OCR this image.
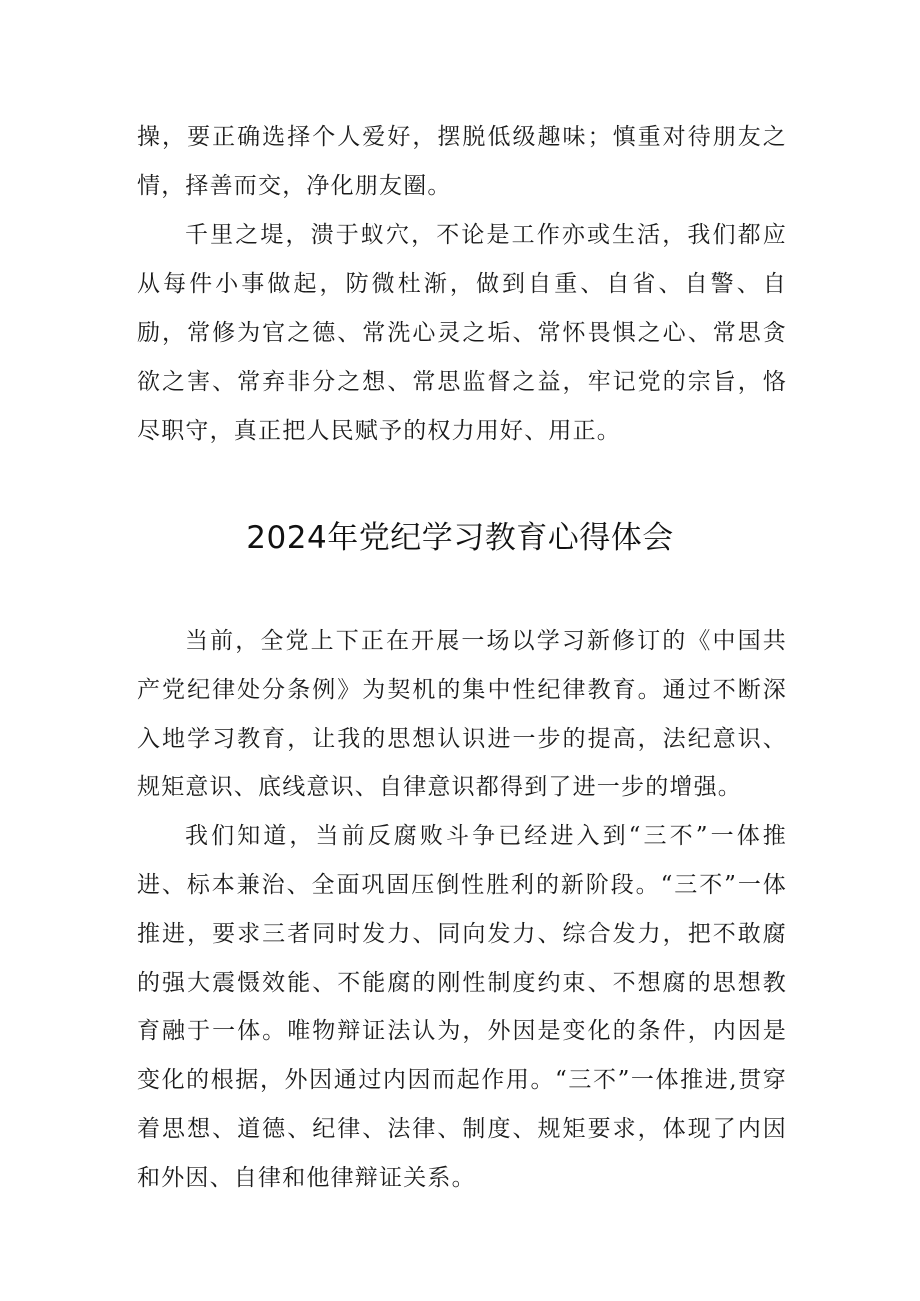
操，要正确选择个人爱好，摆脱低级趣味；慎重对待朋友之情，择善而交，净化朋友圈。

千里之堤，溃于蚁穴，不论是工作亦或生活，我们都应从每件小事做起，防微杜渐，做到自重、自省、自警、自励，常修为官之德、常洗心灵之垢、常怀畏惧之心、常思贪欲之害、常弃非分之想、常思监督之益，牢记党的宗旨，恪尽职守，真正把人民赋予的权力用好、用正。

2024年党纪学习教育心得体会

当前，全党上下正在开展一场以学习新修订的《中国共产党纪律处分条例》为契机的集中性纪律教育。通过不断深入地学习教育，让我的思想认识进一步的提高，法纪意识、规矩意识、底线意识、自律意识都得到了进一步的增强。

我们知道，当前反腐败斗争已经进入到“三不”一体推进、标本兼治、全面巩固压倒性胜利的新阶段。“三不”一体推进，要求三者同时发力、同向发力、综合发力，把不敢腐的强大震慑效能、不能腐的刚性制度约束、不想腐的思想教育融于一体。唯物辩证法认为，外因是变化的条件，内因是变化的根据，外因通过内因而起作用。“三不”一体推进,贯穿着思想、道德、纪律、法律、制度、规矩要求，体现了内因和外因、自律和他律辩证关系。
